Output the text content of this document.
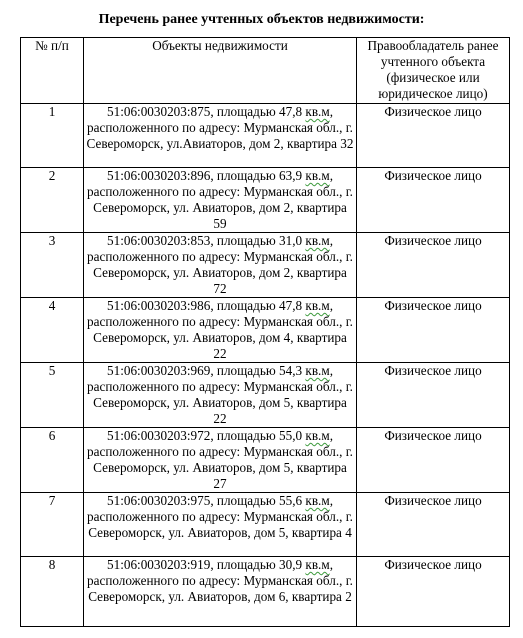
Перечень ранее учтенных объектов недвижимости:
№ п/п	Объекты недвижимости	Правообладатель ранее учтенного объекта (физическое или юридическое лицо)
1	51:06:0030203:875, площадью 47,8 кв.м, расположенного по адресу: Мурманская обл., г. Североморск, ул.Авиаторов, дом 2, квартира 32	Физическое лицо
2	51:06:0030203:896, площадью 63,9 кв.м, расположенного по адресу: Мурманская обл., г. Североморск, ул. Авиаторов, дом 2, квартира 59	Физическое лицо
3	51:06:0030203:853, площадью 31,0 кв.м, расположенного по адресу: Мурманская обл., г. Североморск, ул. Авиаторов, дом 2, квартира 72	Физическое лицо
4	51:06:0030203:986, площадью 47,8 кв.м, расположенного по адресу: Мурманская обл., г. Североморск, ул. Авиаторов, дом 4, квартира 22	Физическое лицо
5	51:06:0030203:969, площадью 54,3 кв.м, расположенного по адресу: Мурманская обл., г. Североморск, ул. Авиаторов, дом 5, квартира 22	Физическое лицо
6	51:06:0030203:972, площадью 55,0 кв.м, расположенного по адресу: Мурманская обл., г. Североморск, ул. Авиаторов, дом 5, квартира 27	Физическое лицо
7	51:06:0030203:975, площадью 55,6 кв.м, расположенного по адресу: Мурманская обл., г. Североморск, ул. Авиаторов, дом 5, квартира 4	Физическое лицо
8	51:06:0030203:919, площадью 30,9 кв.м, расположенного по адресу: Мурманская обл., г. Североморск, ул. Авиаторов, дом 6, квартира 2	Физическое лицо
